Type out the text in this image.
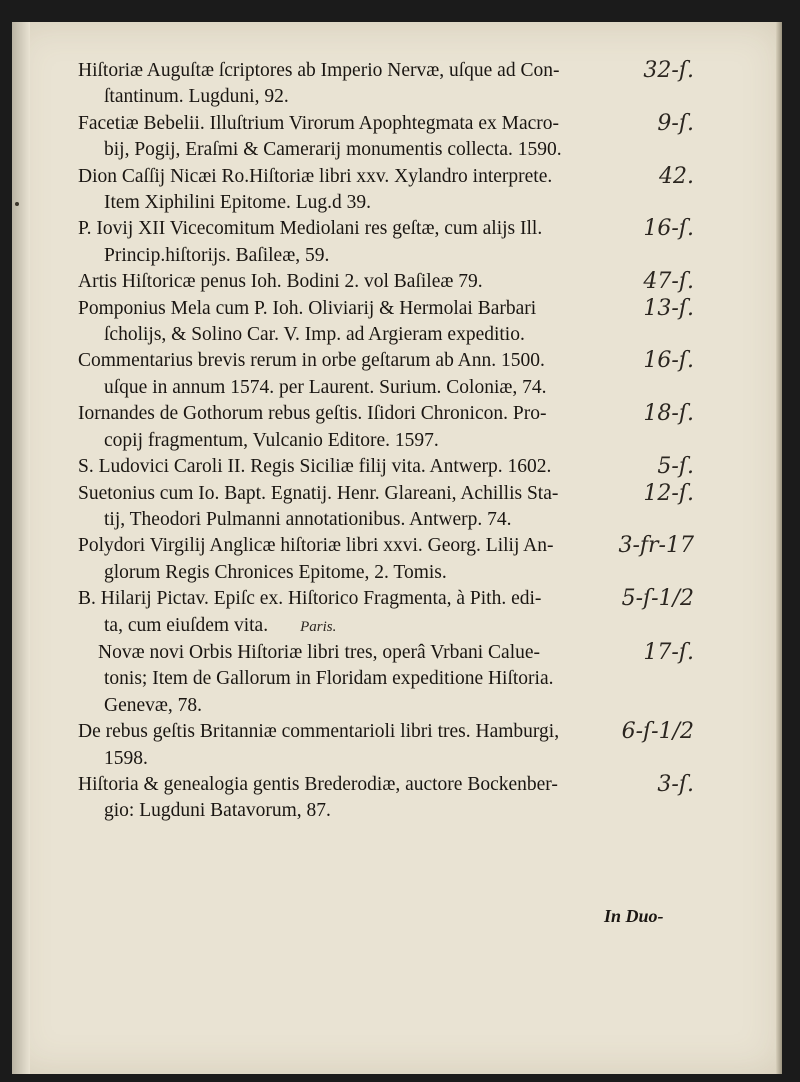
Hiſtoriæ Auguſtæ ſcriptores ab Imperio Nervæ, uſque ad Con-
ſtantinum. Lugduni, 92.
32-ſ.
Facetiæ Bebelii. Illuſtrium Virorum Apophtegmata ex Macro-
bij, Pogij, Eraſmi & Camerarij monumentis collecta. 1590.
9-ſ.
Dion Caſſij Nicæi Ro.Hiſtoriæ libri xxv. Xylandro interprete.
Item Xiphilini Epitome. Lug.d 39.
42.
P. Iovij XII Vicecomitum Mediolani res geſtæ, cum alijs Ill.
Princip.hiſtorijs. Baſileæ, 59.
16-ſ.
Artis Hiſtoricæ penus Ioh. Bodini 2. vol Baſileæ 79.	47-ſ.
Pomponius Mela cum P. Ioh. Oliviarij & Hermolai Barbari
ſcholijs, & Solino Car. V. Imp. ad Argieram expeditio.
13-ſ.
Commentarius brevis rerum in orbe geſtarum ab Ann. 1500.
uſque in annum 1574. per Laurent. Surium. Coloniæ, 74.
16-ſ.
Iornandes de Gothorum rebus geſtis. Iſidori Chronicon. Pro-
copij fragmentum, Vulcanio Editore. 1597.
18-ſ.
S. Ludovici Caroli II. Regis Siciliæ filij vita. Antwerp. 1602.	5-ſ.
Suetonius cum Io. Bapt. Egnatij. Henr. Glareani, Achillis Sta-
tij, Theodori Pulmanni annotationibus. Antwerp. 74.
12-ſ.
Polydori Virgilij Anglicæ hiſtoriæ libri xxvi. Georg. Lilij An-
glorum Regis Chronices Epitome, 2. Tomis.
3-fr-17
B. Hilarij Pictav. Epiſc ex. Hiſtorico Fragmenta, à Pith. edi-
ta, cum eiuſdem vita. Paris.
5-ſ-1/2
Novæ novi Orbis Hiſtoriæ libri tres, operâ Vrbani Calue-
tonis; Item de Gallorum in Floridam expeditione Hiſtoria.
Genevæ, 78.
17-ſ.
De rebus geſtis Britanniæ commentarioli libri tres. Hamburgi,
1598.
6-ſ-1/2
Hiſtoria & genealogia gentis Brederodiæ, auctore Bockenber-
gio: Lugduni Batavorum, 87.
3-ſ.
In Duo-
